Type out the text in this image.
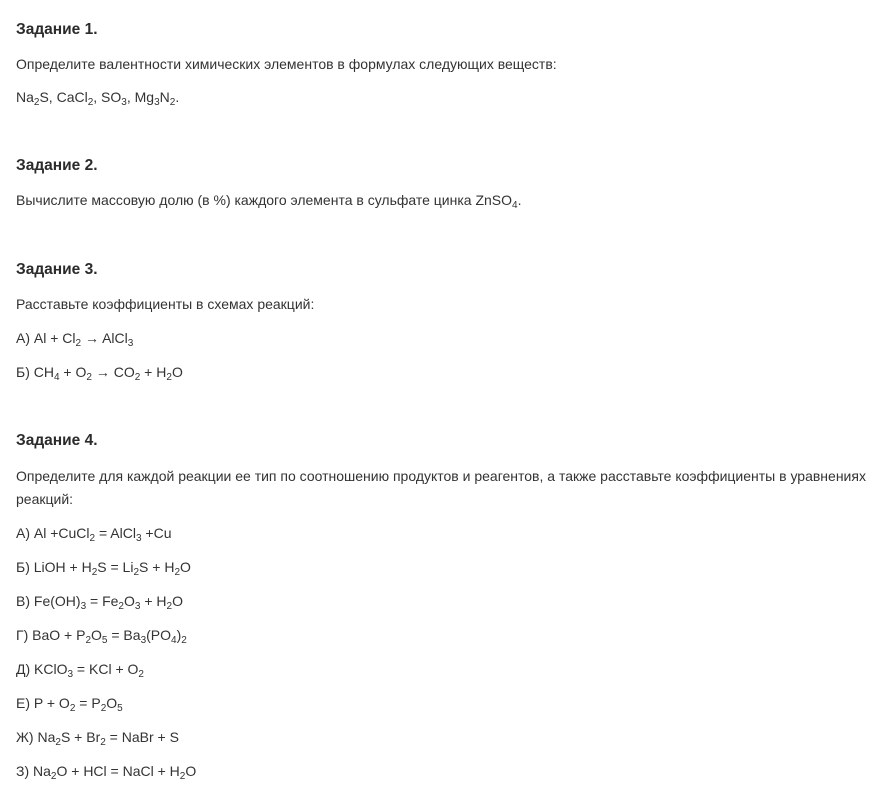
Задание 1.

Определите валентности химических элементов в формулах следующих веществ:

$Na_2S$, CaCl$_2$, $SO_3$, $Mg_3N_2$.

Задание 2.

Вычислите массовую долю (в %) каждого элемента в сульфате цинка ZnSO$_4$.

Задание 3.

Расставьте коэффициенты в схемах реакций:

А) $Al + Cl_2$ → AlCl$_3$

Б) $CH_4 + O_2 \to CO_2 + H_2O$

Задание 4.

Определите для каждой реакции ее тип по соотношению продуктов и реагентов, а также расставьте коэффициенты в уравнениях реакций:

А) Al +CuCl$_2$ = AlCl$_3$ +Cu

Б) LiOH + $H_2S = Li_2S + H_2O$

В) $Fe(OH)_3 = Fe_2O_3 + H_2O$

Г) BaO + $P_2O_5 = Ba_3(PO_4)_2$

Д) KClO$_3$ = KCl + $O_2$

Е) $P + O_2 = P_2O_5$

Ж) $Na_2S + Br_2$ = NaBr + S

З) $Na_2O$ + HCl = NaCl + $H_2O$
